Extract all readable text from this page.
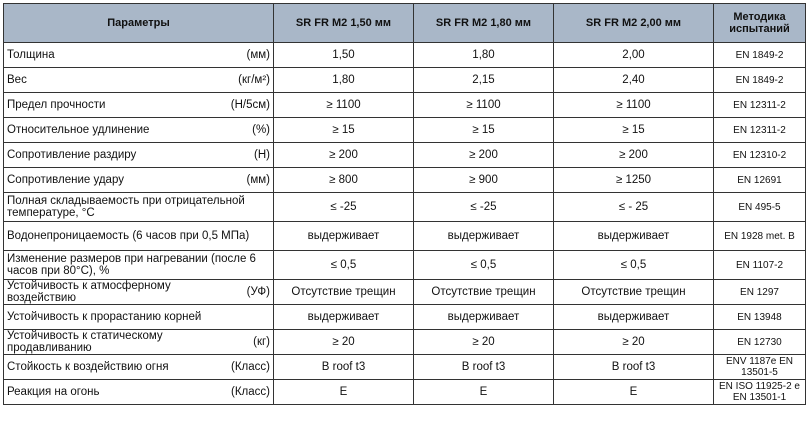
Параметры	SR FR M2 1,50 мм	SR FR M2 1,80 мм	SR FR M2 2,00 мм	Методика испытаний

Толщина (мм)	1,50	1,80	2,00	EN 1849-2

Вес (кг/м²)	1,80	2,15	2,40	EN 1849-2

Предел прочности (Н/5см)	≥ 1100	≥ 1100	≥ 1100	EN 12311-2

Относительное удлинение (%)	≥ 15	≥ 15	≥ 15	EN 12311-2

Сопротивление раздиру (Н)	≥ 200	≥ 200	≥ 200	EN 12310-2

Сопротивление удару (мм)	≥ 800	≥ 900	≥ 1250	EN 12691

Полная складываемость при отрицательной температуре, °С	≤ -25	≤ -25	≤ - 25	EN 495-5

Водонепроницаемость (6 часов при 0,5 МПа)	выдерживает	выдерживает	выдерживает	EN 1928 met. B

Изменение размеров при нагревании (после 6 часов при 80°С), %	≤ 0,5	≤ 0,5	≤ 0,5	EN 1107-2

Устойчивость к атмосферному воздействию (УФ)	Отсутствие трещин	Отсутствие трещин	Отсутствие трещин	EN 1297

Устойчивость к прорастанию корней	выдерживает	выдерживает	выдерживает	EN 13948

Устойчивость к статическому продавливанию (кг)	≥ 20	≥ 20	≥ 20	EN 12730

Стойкость к воздействию огня (Класс)	B roof t3	B roof t3	B roof t3	ENV 1187e EN 13501-5

Реакция на огонь (Класс)	E	E	E	EN ISO 11925-2 e EN 13501-1
